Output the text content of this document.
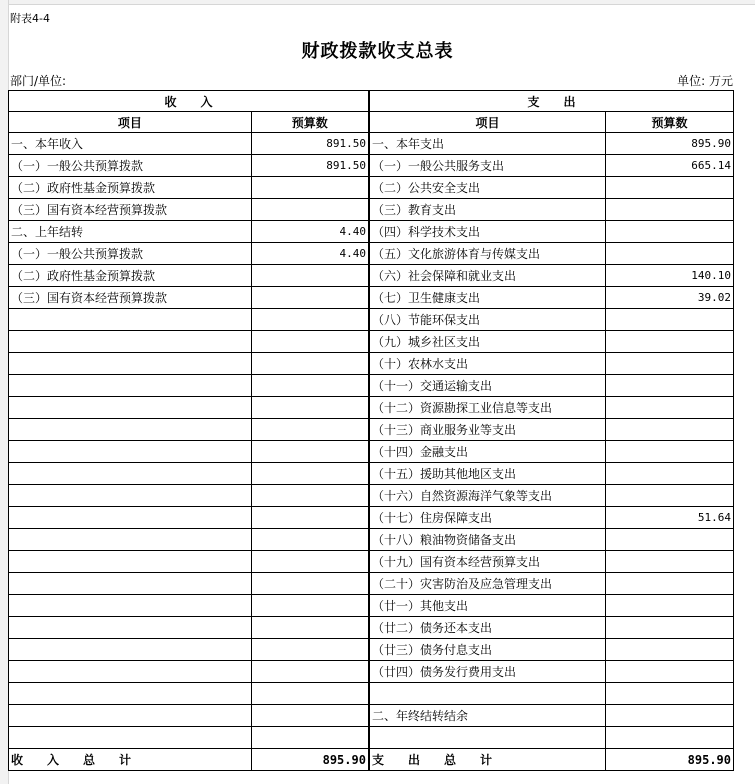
附表4-4
财政拨款收支总表
部门/单位:	单位: 万元
收　　入		支　　出	
项目	预算数	项目	预算数
一、本年收入	891.50	一、本年支出	895.90
（一）一般公共预算拨款	891.50	（一）一般公共服务支出	665.14
（二）政府性基金预算拨款		（二）公共安全支出	
（三）国有资本经营预算拨款		（三）教育支出	
二、上年结转	4.40	（四）科学技术支出	
（一）一般公共预算拨款	4.40	（五）文化旅游体育与传媒支出	
（二）政府性基金预算拨款		（六）社会保障和就业支出	140.10
（三）国有资本经营预算拨款		（七）卫生健康支出	39.02
		（八）节能环保支出	
		（九）城乡社区支出	
		（十）农林水支出	
		（十一）交通运输支出	
		（十二）资源勘探工业信息等支出	
		（十三）商业服务业等支出	
		（十四）金融支出	
		（十五）援助其他地区支出	
		（十六）自然资源海洋气象等支出	
		（十七）住房保障支出	51.64
		（十八）粮油物资储备支出	
		（十九）国有资本经营预算支出	
		（二十）灾害防治及应急管理支出	
		（廿一）其他支出	
		（廿二）债务还本支出	
		（廿三）债务付息支出	
		（廿四）债务发行费用支出	

		二、年终结转结余	

收　入　总　计	895.90	支　出　总　计	895.90
